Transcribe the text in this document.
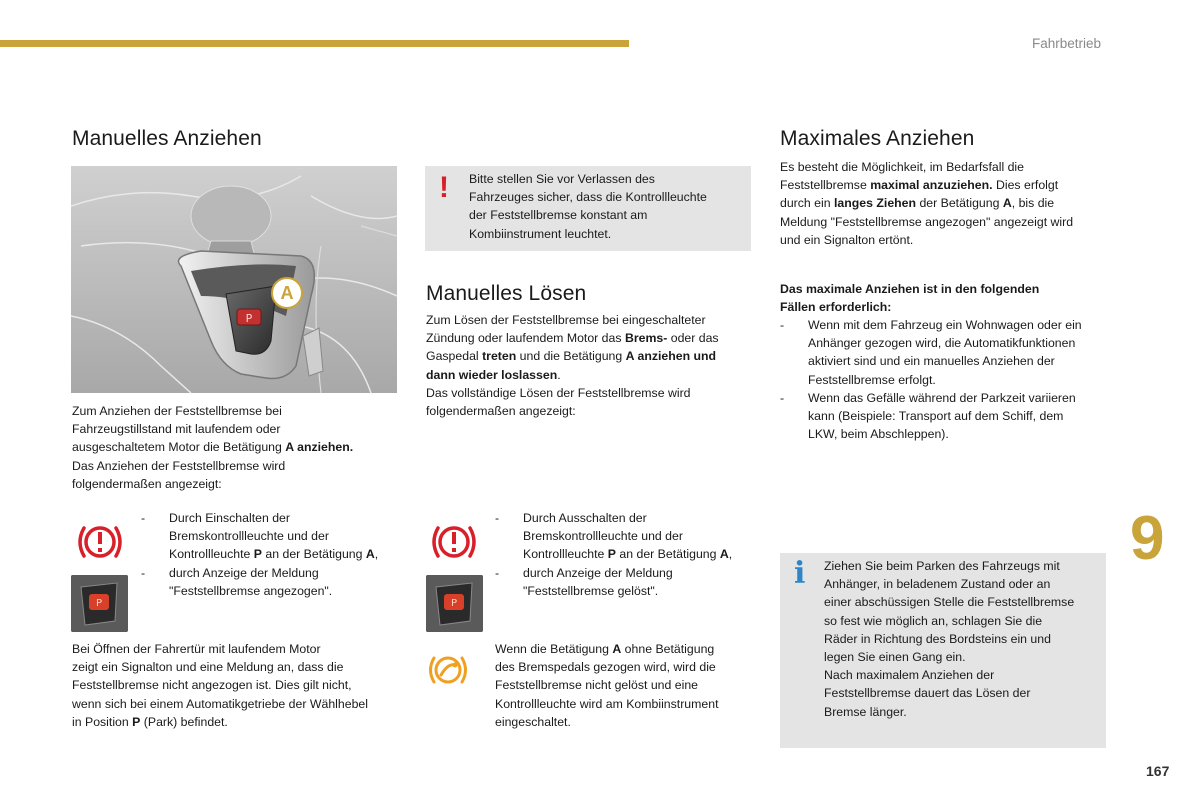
Fahrbetrieb
Manuelles Anziehen
P
A

Zum Anziehen der Feststellbremse bei

Fahrzeugstillstand mit laufendem oder

ausgeschaltetem Motor die Betätigung A anziehen.

Das Anziehen der Feststellbremse wird

folgendermaßen angezeigt:

P
-	Durch Einschalten der

Bremskontrollleuchte und der

Kontrollleuchte P an der Betätigung A,

-	durch Anzeige der Meldung

"Feststellbremse angezogen".

Bei Öffnen der Fahrertür mit laufendem Motor

zeigt ein Signalton und eine Meldung an, dass die

Feststellbremse nicht angezogen ist. Dies gilt nicht,

wenn sich bei einem Automatikgetriebe der Wählhebel

in Position P (Park) befindet.

! Bitte stellen Sie vor Verlassen des

Fahrzeuges sicher, dass die Kontrollleuchte

der Feststellbremse konstant am

Kombiinstrument leuchtet.

Manuelles Lösen

Zum Lösen der Feststellbremse bei eingeschalteter

Zündung oder laufendem Motor das Brems- oder das

Gaspedal treten und die Betätigung A anziehen und

dann wieder loslassen.

Das vollständige Lösen der Feststellbremse wird

folgendermaßen angezeigt:

P
-	Durch Ausschalten der

Bremskontrollleuchte und der

Kontrollleuchte P an der Betätigung A,

-	durch Anzeige der Meldung

"Feststellbremse gelöst".

Wenn die Betätigung A ohne Betätigung

des Bremspedals gezogen wird, wird die

Feststellbremse nicht gelöst und eine

Kontrollleuchte wird am Kombiinstrument

eingeschaltet.

Maximales Anziehen

Es besteht die Möglichkeit, im Bedarfsfall die

Feststellbremse maximal anzuziehen. Dies erfolgt

durch ein langes Ziehen der Betätigung A, bis die

Meldung "Feststellbremse angezogen" angezeigt wird

und ein Signalton ertönt.

Das maximale Anziehen ist in den folgenden

Fällen erforderlich:

-	Wenn mit dem Fahrzeug ein Wohnwagen oder ein

Anhänger gezogen wird, die Automatikfunktionen

aktiviert sind und ein manuelles Anziehen der

Feststellbremse erfolgt.

-	Wenn das Gefälle während der Parkzeit variieren

kann (Beispiele: Transport auf dem Schiff, dem

LKW, beim Abschleppen).

9
i Ziehen Sie beim Parken des Fahrzeugs mit

Anhänger, in beladenem Zustand oder an

einer abschüssigen Stelle die Feststellbremse

so fest wie möglich an, schlagen Sie die

Räder in Richtung des Bordsteins ein und

legen Sie einen Gang ein.

Nach maximalem Anziehen der

Feststellbremse dauert das Lösen der

Bremse länger.

167
